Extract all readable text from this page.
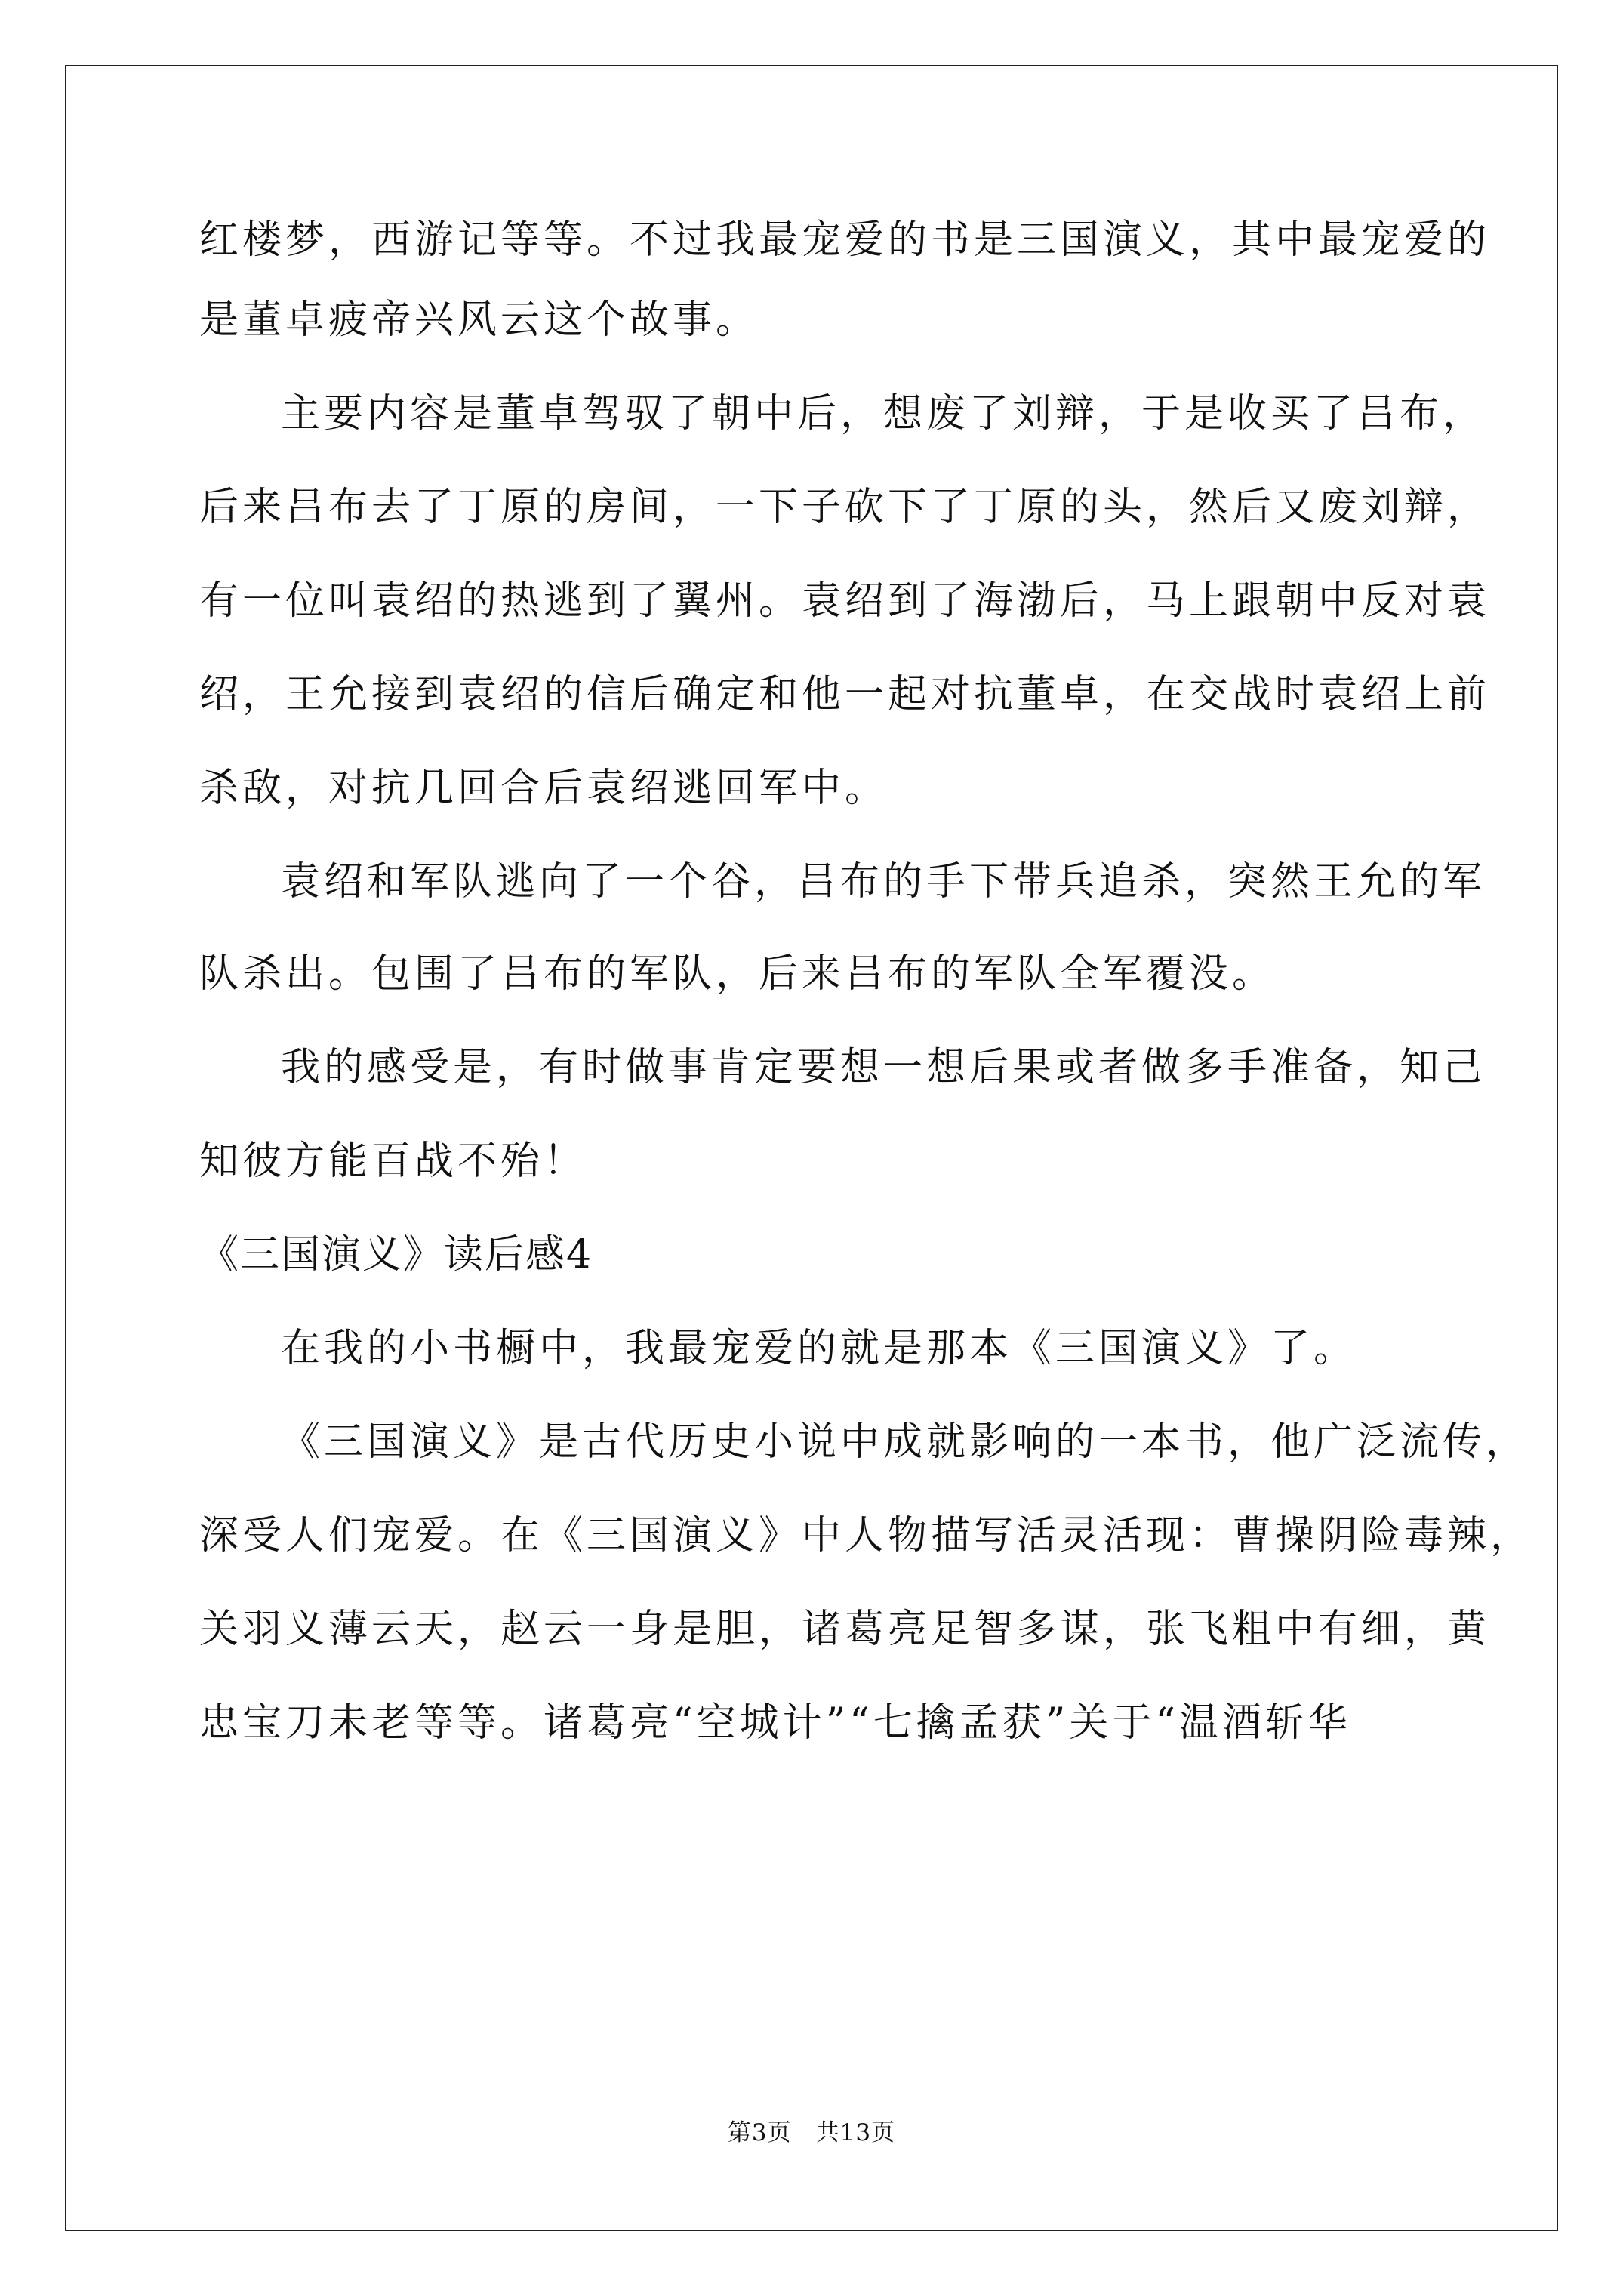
红楼梦，西游记等等。不过我最宠爱的书是三国演义，其中最宠爱的
是董卓疲帝兴风云这个故事。
主要内容是董卓驾驭了朝中后，想废了刘辩，于是收买了吕布，
后来吕布去了丁原的房间，一下子砍下了丁原的头，然后又废刘辩，
有一位叫袁绍的热逃到了翼州。袁绍到了海渤后，马上跟朝中反对袁
绍，王允接到袁绍的信后确定和他一起对抗董卓，在交战时袁绍上前
杀敌，对抗几回合后袁绍逃回军中。
袁绍和军队逃向了一个谷，吕布的手下带兵追杀，突然王允的军
队杀出。包围了吕布的军队，后来吕布的军队全军覆没。
我的感受是，有时做事肯定要想一想后果或者做多手准备，知己
知彼方能百战不殆！
《三国演义》读后感4
在我的小书橱中，我最宠爱的就是那本《三国演义》了。
《三国演义》是古代历史小说中成就影响的一本书，他广泛流传，
深受人们宠爱。在《三国演义》中人物描写活灵活现：曹操阴险毒辣，
关羽义薄云天，赵云一身是胆，诸葛亮足智多谋，张飞粗中有细，黄
忠宝刀未老等等。诸葛亮“空城计”“七擒孟获”关于“温酒斩华
第3页　共13页
